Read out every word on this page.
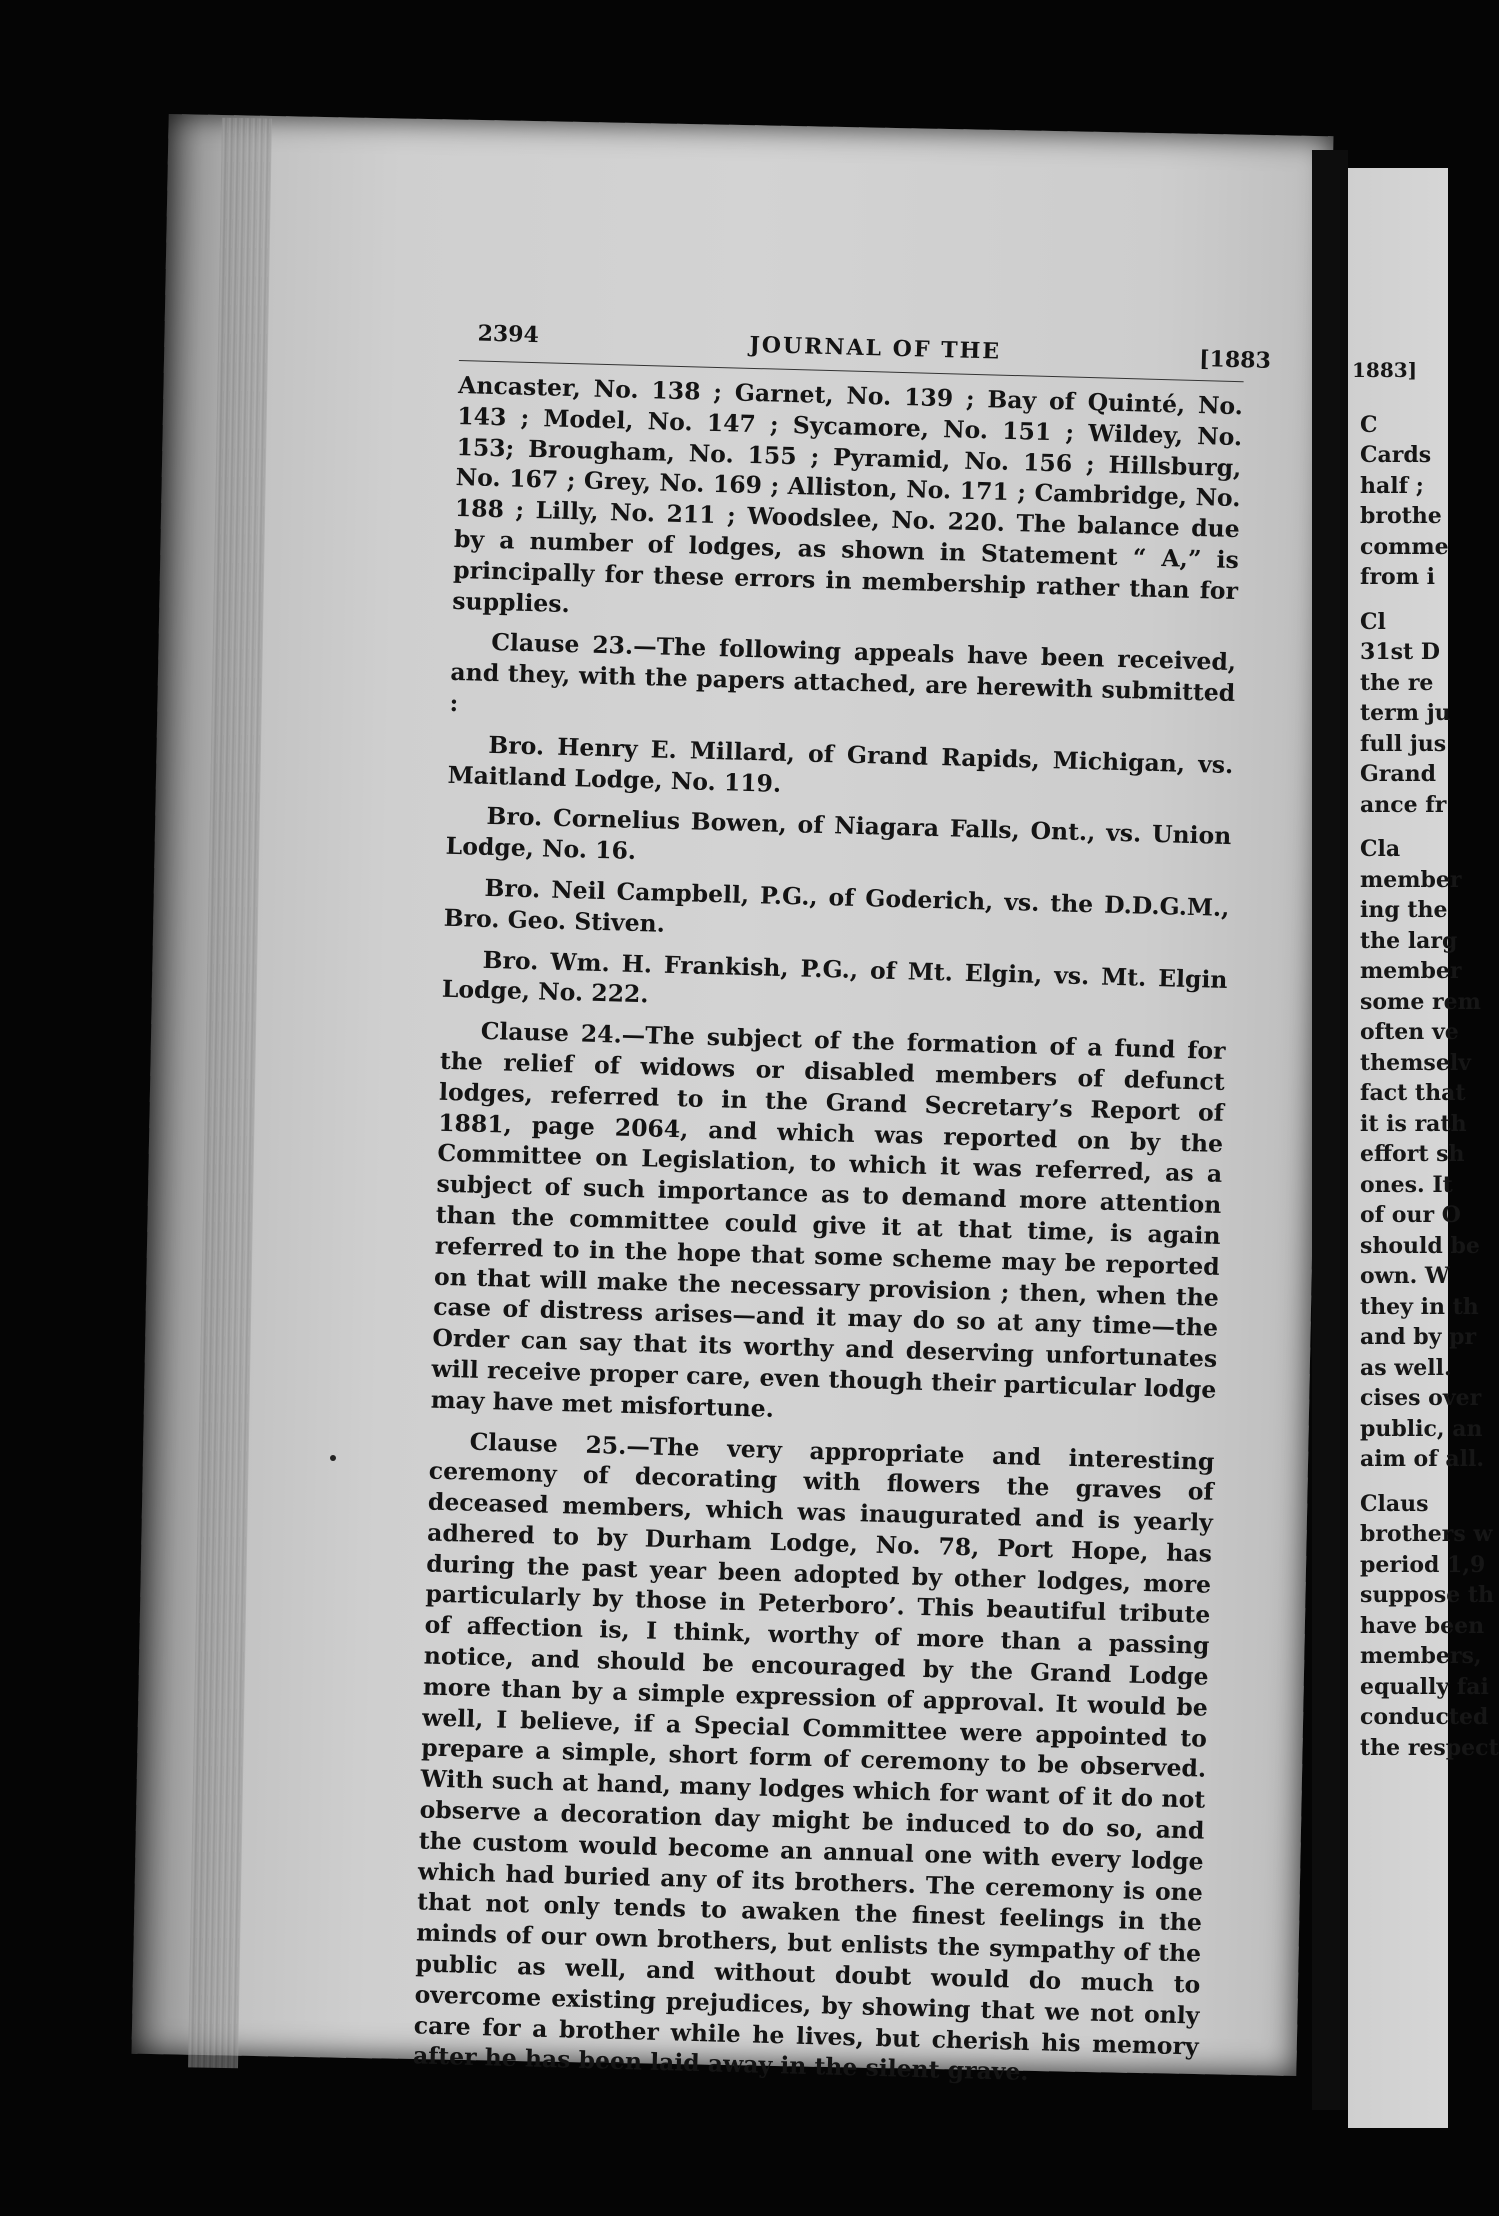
2394	JOURNAL OF THE	[1883

Ancaster, No. 138 ; Garnet, No. 139 ; Bay of Quinté, No. 143 ; Model, No. 147 ; Sycamore, No. 151 ; Wildey, No. 153; Brougham, No. 155 ; Pyramid, No. 156 ; Hillsburg, No. 167 ; Grey, No. 169 ; Alliston, No. 171 ; Cambridge, No. 188 ; Lilly, No. 211 ; Woodslee, No. 220. The balance due by a number of lodges, as shown in Statement “ A,” is principally for these errors in membership rather than for supplies.

Clause 23.—The following appeals have been received, and they, with the papers attached, are herewith submitted :

Bro. Henry E. Millard, of Grand Rapids, Michigan, vs. Maitland Lodge, No. 119.

Bro. Cornelius Bowen, of Niagara Falls, Ont., vs. Union Lodge, No. 16.

Bro. Neil Campbell, P.G., of Goderich, vs. the D.D.G.M., Bro. Geo. Stiven.

Bro. Wm. H. Frankish, P.G., of Mt. Elgin, vs. Mt. Elgin Lodge, No. 222.

Clause 24.—The subject of the formation of a fund for the relief of widows or disabled members of defunct lodges, referred to in the Grand Secretary’s Report of 1881, page 2064, and which was reported on by the Committee on Legislation, to which it was referred, as a subject of such importance as to demand more attention than the committee could give it at that time, is again referred to in the hope that some scheme may be reported on that will make the necessary provision ; then, when the case of distress arises—and it may do so at any time—the Order can say that its worthy and deserving unfortunates will receive proper care, even though their particular lodge may have met misfortune.

Clause 25.—The very appropriate and interesting ceremony of decorating with flowers the graves of deceased members, which was inaugurated and is yearly adhered to by Durham Lodge, No. 78, Port Hope, has during the past year been adopted by other lodges, more particularly by those in Peterboro’. This beautiful tribute of affection is, I think, worthy of more than a passing notice, and should be encouraged by the Grand Lodge more than by a simple expression of approval. It would be well, I believe, if a Special Committee were appointed to prepare a simple, short form of ceremony to be observed. With such at hand, many lodges which for want of it do not observe a decoration day might be induced to do so, and the custom would become an annual one with every lodge which had buried any of its brothers. The ceremony is one that not only tends to awaken the finest feelings in the minds of our own brothers, but enlists the sympathy of the public as well, and without doubt would do much to overcome existing prejudices, by showing that we not only care for a brother while he lives, but cherish his memory after he has been laid away in the silent grave.

1883]
C
Cards
half ;
brothe
comme
from i
Cl
31st D
the re
term ju
full jus
Grand
ance fr
Cla
member
ing the
the larg
member
some rem
often ve
themselv
fact that
it is rath
effort sh
ones. It
of our O
should be
own. W
they in th
and by pr
as well.
cises over
public, an
aim of all.
Claus
brothers w
period 1,9
suppose th
have been
members,
equally fai
conducted
the respect
